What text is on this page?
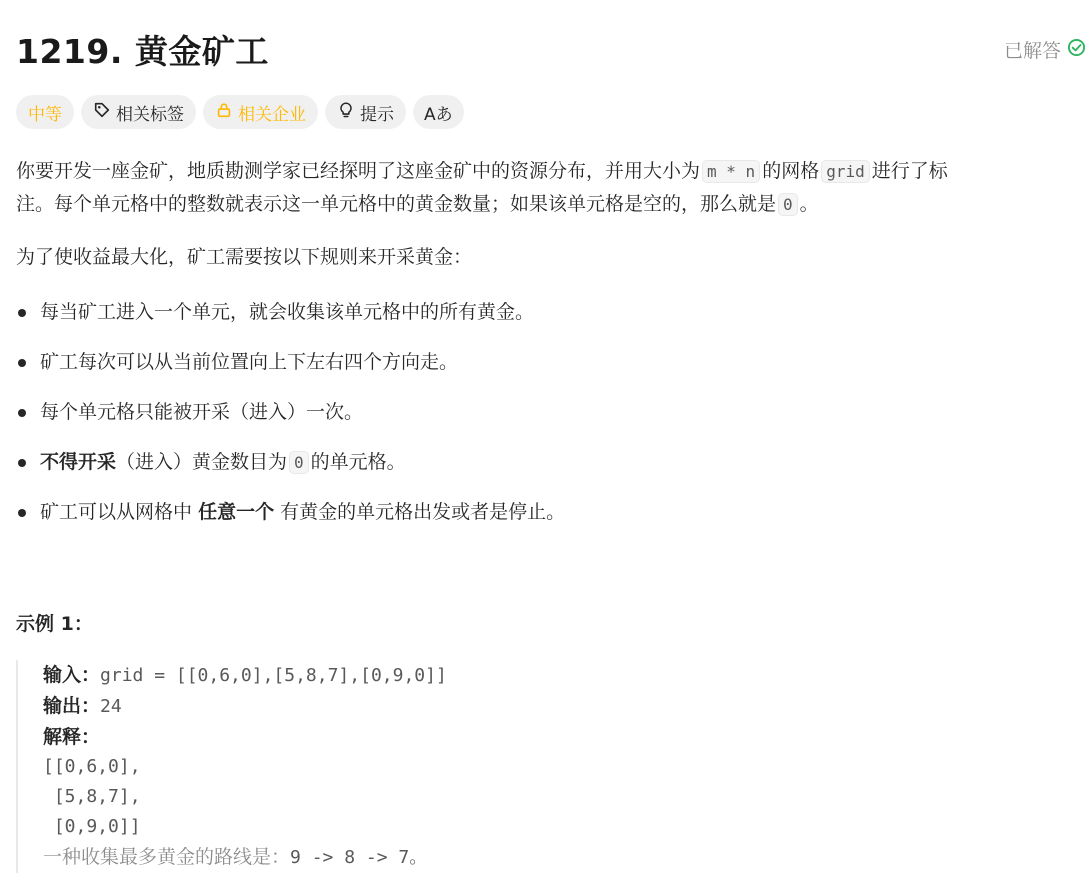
1219. 黄金矿工	已解答
中等	相关标签	相关企业	提示 Aあ
你要开发一座金矿，地质勘测学家已经探明了这座金矿中的资源分布，并用大小为 m * n 的网格 grid 进行了标
注。每个单元格中的整数就表示这一单元格中的黄金数量；如果该单元格是空的，那么就是 0 。
为了使收益最大化，矿工需要按以下规则来开采黄金：
每当矿工进入一个单元，就会收集该单元格中的所有黄金。
矿工每次可以从当前位置向上下左右四个方向走。
每个单元格只能被开采（进入）一次。
不得开采（进入）黄金数目为 0 的单元格。
矿工可以从网格中 任意一个 有黄金的单元格出发或者是停止。
示例 1：
输入：grid = [[0,6,0],[5,8,7],[0,9,0]]
输出：24
解释：
[[0,6,0],
[5,8,7],
[0,9,0]]
一种收集最多黄金的路线是：9 -> 8 -> 7。
